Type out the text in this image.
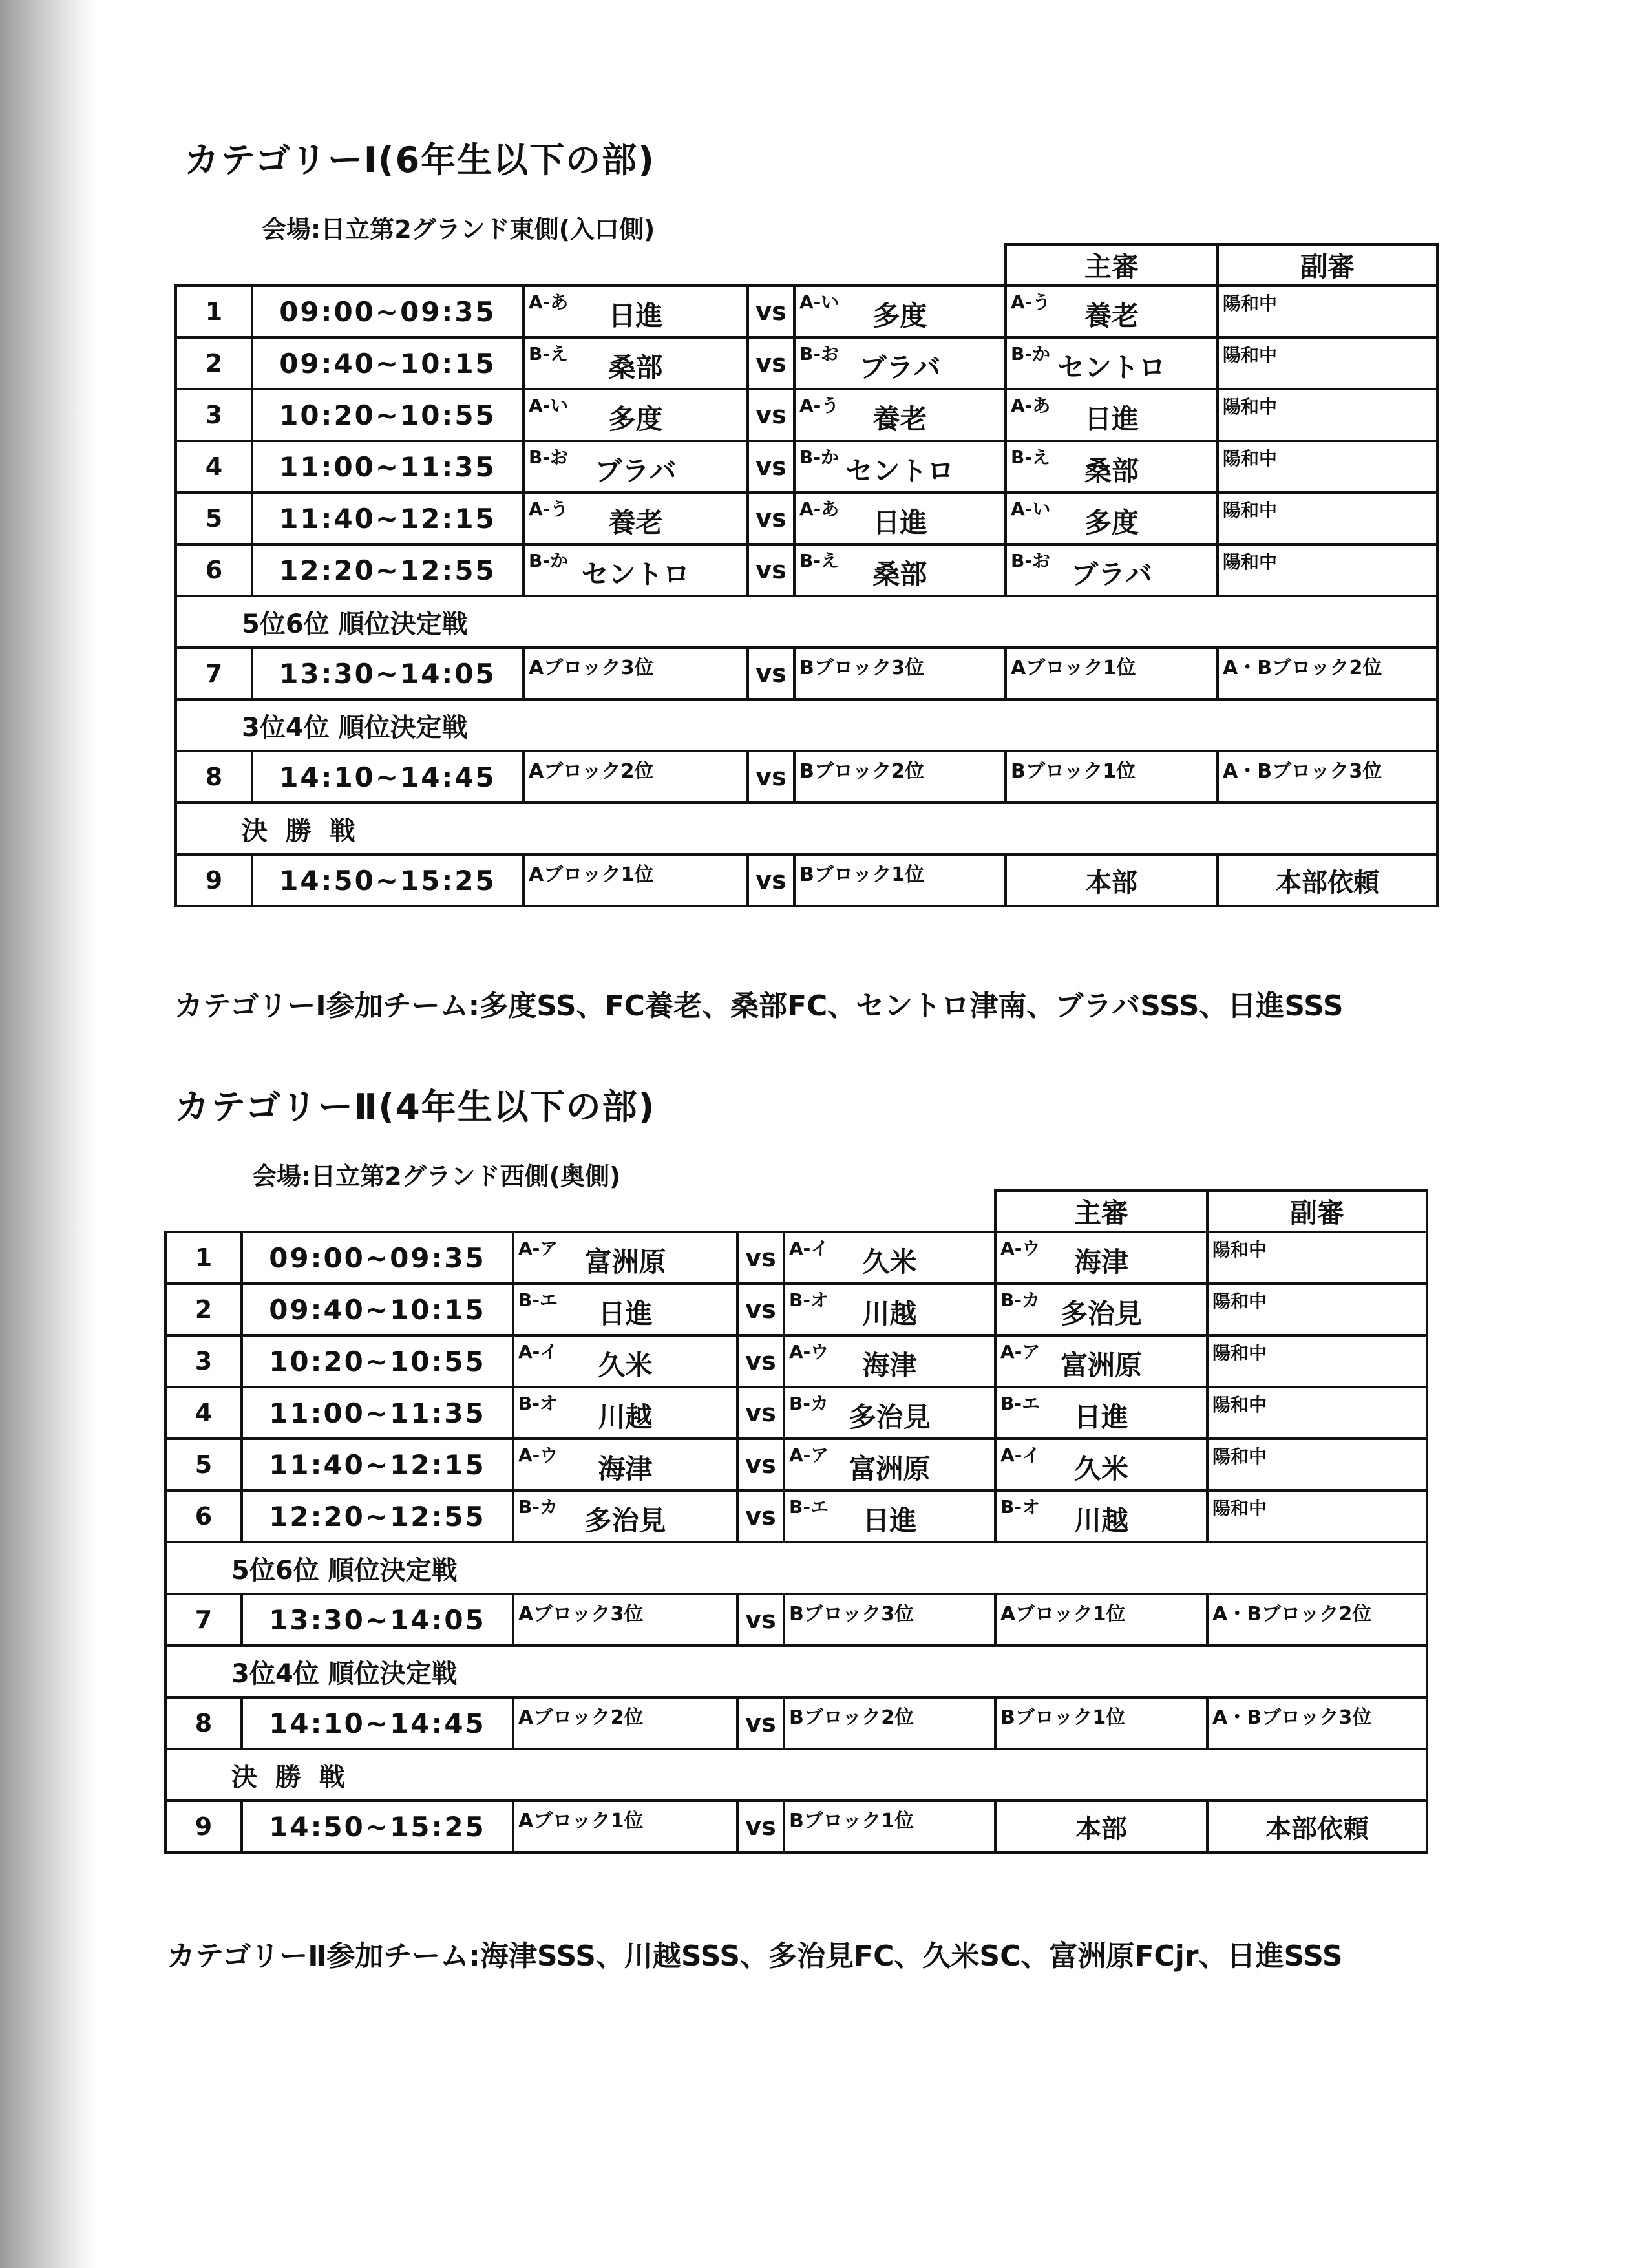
カテゴリーⅠ(6年生以下の部)
会場:日立第2グランド東側(入口側)
					主審	副審
1	09:00~09:35	A-あ 日進	vs	A-い 多度	A-う 養老	陽和中

2	09:40~10:15	B-え 桑部	vs	B-お ブラバ	B-か セントロ	陽和中

3	10:20~10:55	A-い 多度	vs	A-う 養老	A-あ 日進	陽和中

4	11:00~11:35	B-お ブラバ	vs	B-か セントロ	B-え 桑部	陽和中

5	11:40~12:15	A-う 養老	vs	A-あ 日進	A-い 多度	陽和中

6	12:20~12:55	B-か セントロ	vs	B-え 桑部	B-お ブラバ	陽和中

5位6位 順位決定戦						
7	13:30~14:05	Aブロック3位	vs	Bブロック3位	Aブロック1位	A・Bブロック2位

3位4位 順位決定戦						
8	14:10~14:45	Aブロック2位	vs	Bブロック2位	Bブロック1位	A・Bブロック3位

決  勝  戦						
9	14:50~15:25	Aブロック1位	vs	Bブロック1位	本部	本部依頼
カテゴリーⅠ参加チーム:多度SS、FC養老、桑部FC、セントロ津南、ブラバSSS、日進SSS
カテゴリーⅡ(4年生以下の部)
会場:日立第2グランド西側(奥側)
					主審	副審
1	09:00~09:35	A-ア 富洲原	vs	A-イ 久米	A-ウ 海津	陽和中

2	09:40~10:15	B-エ 日進	vs	B-オ 川越	B-カ 多治見	陽和中

3	10:20~10:55	A-イ 久米	vs	A-ウ 海津	A-ア 富洲原	陽和中

4	11:00~11:35	B-オ 川越	vs	B-カ 多治見	B-エ 日進	陽和中

5	11:40~12:15	A-ウ 海津	vs	A-ア 富洲原	A-イ 久米	陽和中

6	12:20~12:55	B-カ 多治見	vs	B-エ 日進	B-オ 川越	陽和中

5位6位 順位決定戦						
7	13:30~14:05	Aブロック3位	vs	Bブロック3位	Aブロック1位	A・Bブロック2位

3位4位 順位決定戦						
8	14:10~14:45	Aブロック2位	vs	Bブロック2位	Bブロック1位	A・Bブロック3位

決  勝  戦						
9	14:50~15:25	Aブロック1位	vs	Bブロック1位	本部	本部依頼
カテゴリーⅡ参加チーム:海津SSS、川越SSS、多治見FC、久米SC、富洲原FCjr、日進SSS
